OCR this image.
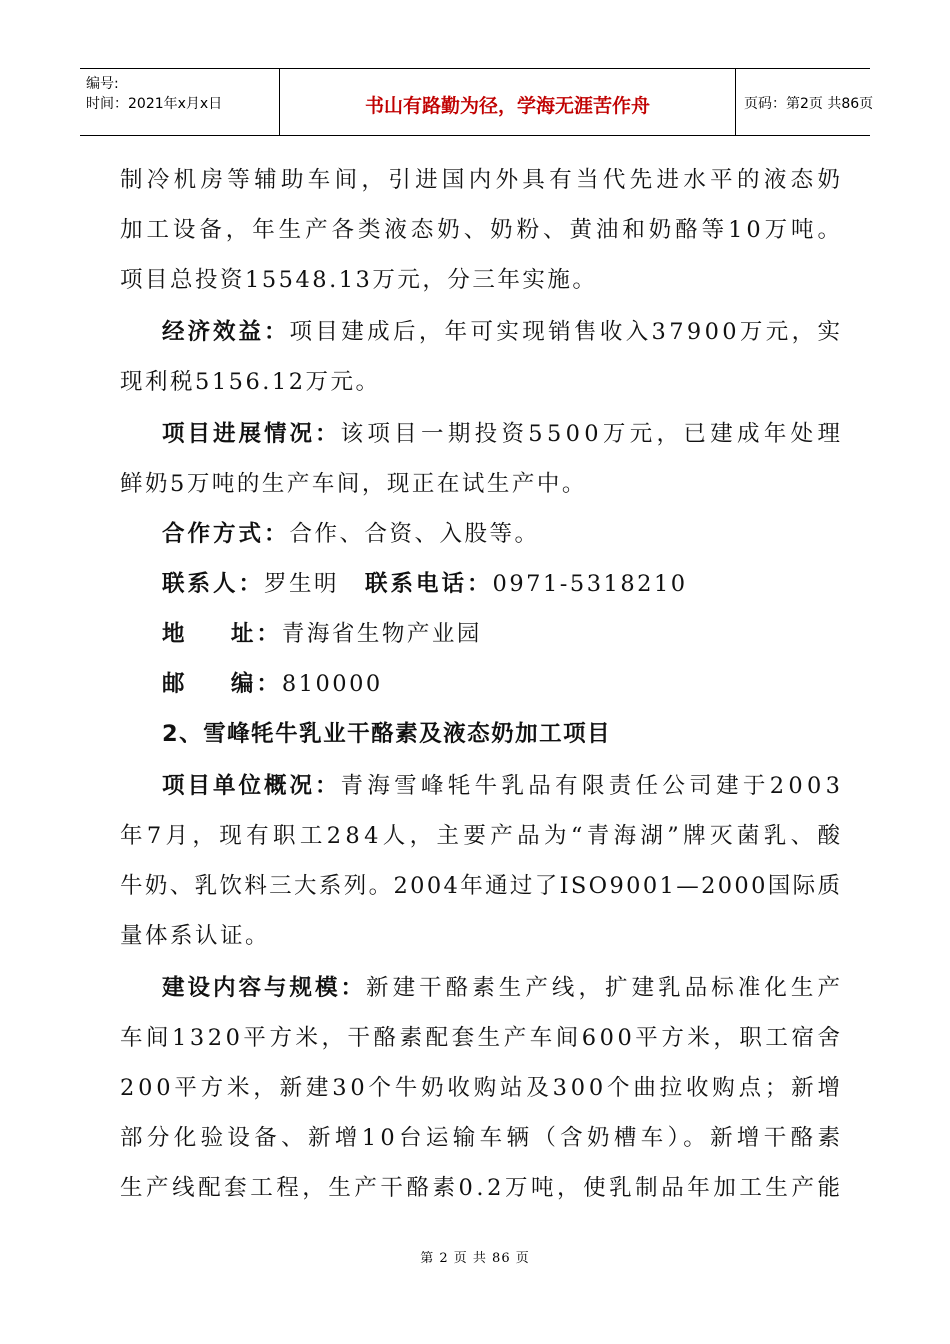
编号:
时间：2021年x月x日	书山有路勤为径，学海无涯苦作舟	页码：第2页 共86页
制冷机房等辅助车间，引进国内外具有当代先进水平的液态奶
加工设备，年生产各类液态奶、奶粉、黄油和奶酪等10万吨。
项目总投资15548.13万元，分三年实施。
经济效益： 项目建成后，年可实现销售收入37900万元，实
现利税5156.12万元。
项目进展情况： 该项目一期投资5500万元，已建成年处理
鲜奶5万吨的生产车间，现正在试生产中。
合作方式：合作、合资、入股等。
联系人：罗生明 联系电话：0971-5318210
地    址：青海省生物产业园
邮    编：810000
2、雪峰牦牛乳业干酪素及液态奶加工项目
项目单位概况： 青海雪峰牦牛乳品有限责任公司建于2003
年7月，现有职工284人，主要产品为“青海湖”牌灭菌乳、酸
牛奶、乳饮料三大系列。2004年通过了ISO9001—2000国际质
量体系认证。
建设内容与规模： 新建干酪素生产线，扩建乳品标准化生产
车间1320平方米，干酪素配套生产车间600平方米，职工宿舍
200平方米，新建30个牛奶收购站及300个曲拉收购点；新增
部分化验设备、新增10台运输车辆（含奶槽车）。新增干酪素
生产线配套工程，生产干酪素0.2万吨，使乳制品年加工生产能
第 2 页 共 86 页
